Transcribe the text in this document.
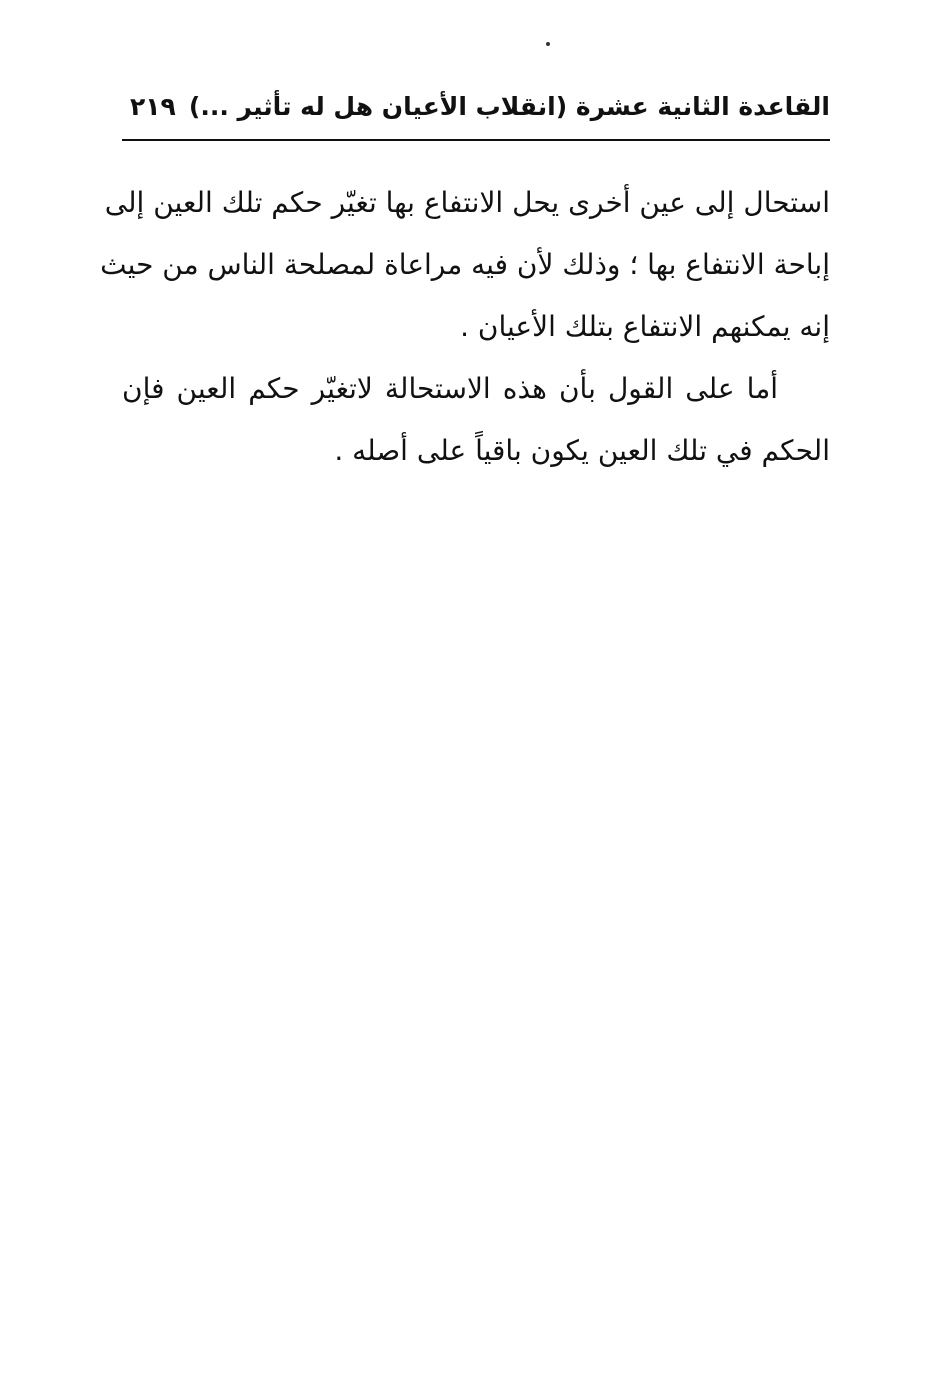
القاعدة الثانية عشرة (انقلاب الأعيان هل له تأثير ...)
٢١٩
استحال إلى عين أخرى يحل الانتفاع بها تغيّر حكم تلك العين إلى
إباحة الانتفاع بها ؛ وذلك لأن فيه مراعاة لمصلحة الناس من حيث
إنه يمكنهم الانتفاع بتلك الأعيان .
أما على القول بأن هذه الاستحالة لاتغيّر حكم العين فإن
الحكم في تلك العين يكون باقياً على أصله .
